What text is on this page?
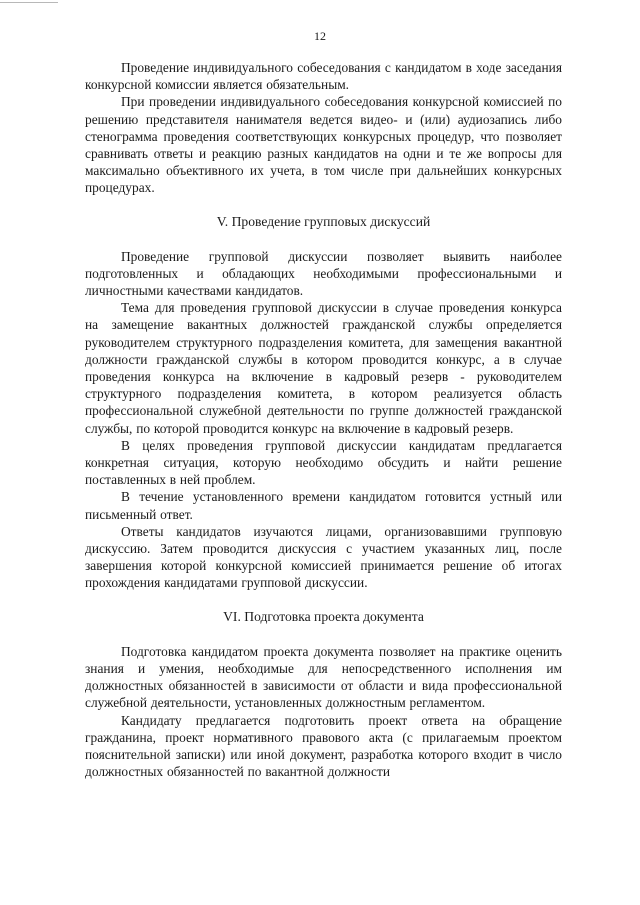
12

Проведение индивидуального собеседования с кандидатом в ходе заседания конкурсной комиссии является обязательным.

При проведении индивидуального собеседования конкурсной комиссией по решению представителя нанимателя ведется видео- и (или) аудиозапись либо стенограмма проведения соответствующих конкурсных процедур, что позволяет сравнивать ответы и реакцию разных кандидатов на одни и те же вопросы для максимально объективного их учета, в том числе при дальнейших конкурсных процедурах.

V. Проведение групповых дискуссий

Проведение групповой дискуссии позволяет выявить наиболее подготовленных и обладающих необходимыми профессиональными и личностными качествами кандидатов.

Тема для проведения групповой дискуссии в случае проведения конкурса на замещение вакантных должностей гражданской службы определяется руководителем структурного подразделения комитета, для замещения вакантной должности гражданской службы в котором проводится конкурс, а в случае проведения конкурса на включение в кадровый резерв - руководителем структурного подразделения комитета, в котором реализуется область профессиональной служебной деятельности по группе должностей гражданской службы, по которой проводится конкурс на включение в кадровый резерв.

В целях проведения групповой дискуссии кандидатам предлагается конкретная ситуация, которую необходимо обсудить и найти решение поставленных в ней проблем.

В течение установленного времени кандидатом готовится устный или письменный ответ.

Ответы кандидатов изучаются лицами, организовавшими групповую дискуссию. Затем проводится дискуссия с участием указанных лиц, после завершения которой конкурсной комиссией принимается решение об итогах прохождения кандидатами групповой дискуссии.

VI. Подготовка проекта документа

Подготовка кандидатом проекта документа позволяет на практике оценить знания и умения, необходимые для непосредственного исполнения им должностных обязанностей в зависимости от области и вида профессиональной служебной деятельности, установленных должностным регламентом.

Кандидату предлагается подготовить проект ответа на обращение гражданина, проект нормативного правового акта (с прилагаемым проектом пояснительной записки) или иной документ, разработка которого входит в число должностных обязанностей по вакантной должности
